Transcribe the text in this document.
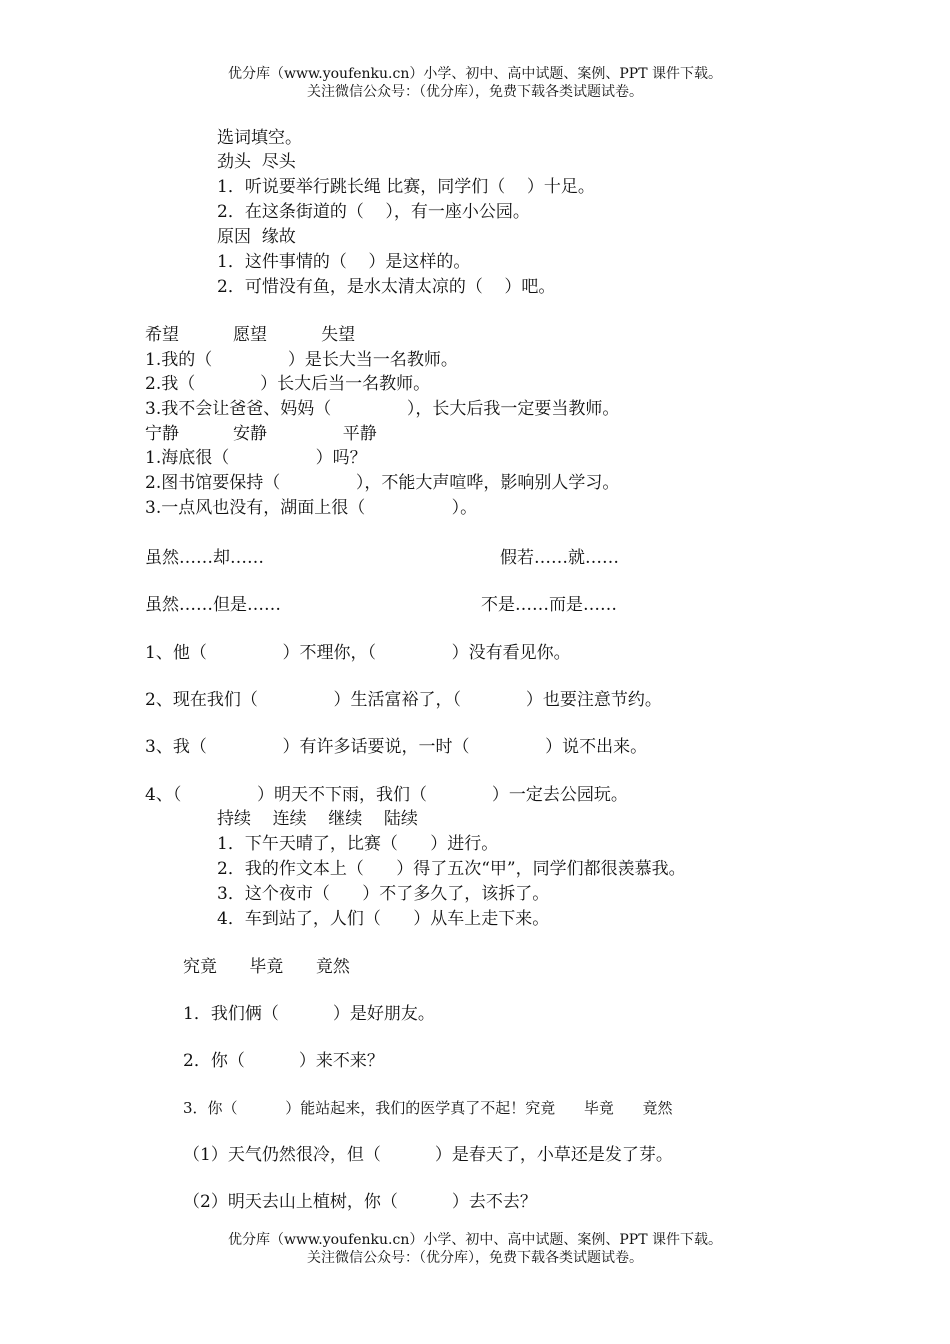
优分库（www.youfenku.cn）小学、初中、高中试题、案例、PPT 课件下载。
关注微信公众号：（优分库），免费下载各类试题试卷。
选词填空。
劲头  尽头
1．听说要举行跳长绳 比赛，同学们（    ）十足。
2．在这条街道的（    ），有一座小公园。
原因  缘故
1．这件事情的（    ）是这样的。
2．可惜没有鱼，是水太清太凉的（    ）吧。
希望          愿望          失望
1.我的（              ）是长大当一名教师。
2.我（            ）长大后当一名教师。
3.我不会让爸爸、妈妈（              ），长大后我一定要当教师。
宁静          安静              平静
1.海底很（                ）吗？
2.图书馆要保持（              ），不能大声喧哗，影响别人学习。
3.一点风也没有，湖面上很（                ）。
虽然……却……	假若……就……
虽然……但是……	不是……而是……
1、他（              ）不理你，（              ）没有看见你。
2、现在我们（              ）生活富裕了，（            ）也要注意节约。
3、我（              ）有许多话要说，一时（              ）说不出来。
4、（              ）明天不下雨，我们（            ）一定去公园玩。
持续    连续    继续    陆续
1．下午天晴了，比赛（      ）进行。
2．我的作文本上（      ）得了五次“甲”，同学们都很羡慕我。
3．这个夜市（      ）不了多久了，该拆了。
4．车到站了，人们（      ）从车上走下来。
究竟      毕竟      竟然
1．我们俩（          ）是好朋友。
2．你（          ）来不来？
3．你（          ）能站起来，我们的医学真了不起！究竟      毕竟      竟然
（1）天气仍然很冷，但（          ）是春天了，小草还是发了芽。
（2）明天去山上植树，你（          ）去不去？
优分库（www.youfenku.cn）小学、初中、高中试题、案例、PPT 课件下载。
关注微信公众号：（优分库），免费下载各类试题试卷。
